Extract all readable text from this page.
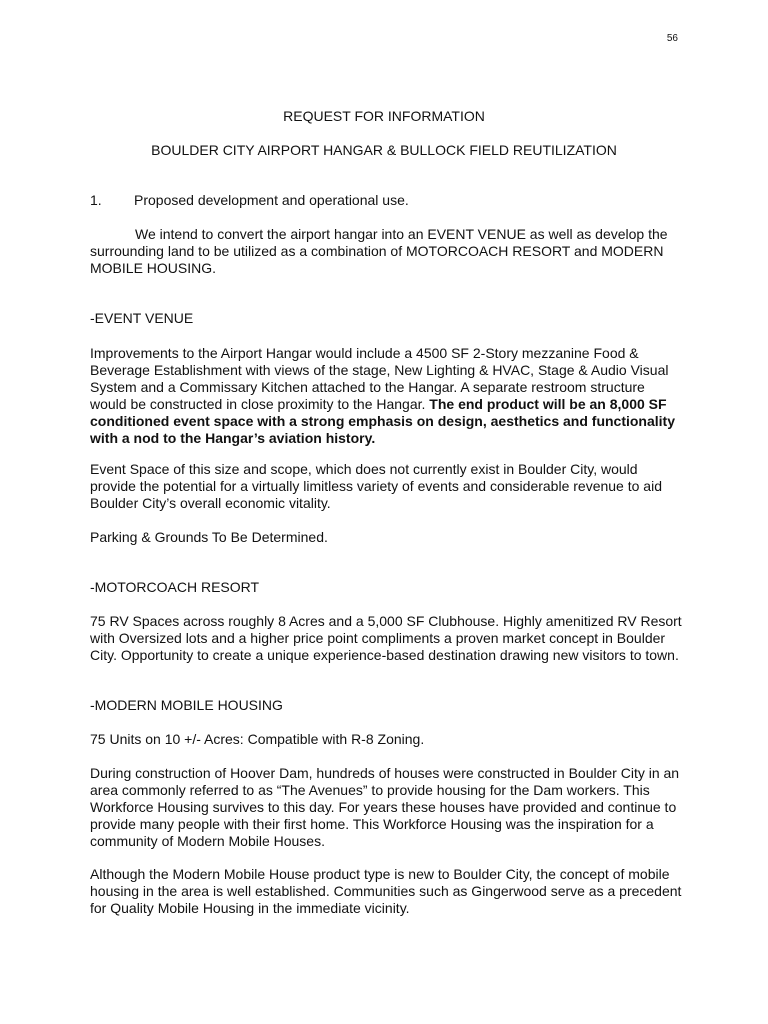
56
REQUEST FOR INFORMATION
BOULDER CITY AIRPORT HANGAR & BULLOCK FIELD REUTILIZATION
1. Proposed development and operational use.

We intend to convert the airport hangar into an EVENT VENUE as well as develop the surrounding land to be utilized as a combination of MOTORCOACH RESORT and MODERN MOBILE HOUSING.

-EVENT VENUE

Improvements to the Airport Hangar would include a 4500 SF 2-Story mezzanine Food & Beverage Establishment with views of the stage, New Lighting & HVAC, Stage & Audio Visual System and a Commissary Kitchen attached to the Hangar. A separate restroom structure would be constructed in close proximity to the Hangar. The end product will be an 8,000 SF conditioned event space with a strong emphasis on design, aesthetics and functionality with a nod to the Hangar’s aviation history.

Event Space of this size and scope, which does not currently exist in Boulder City, would provide the potential for a virtually limitless variety of events and considerable revenue to aid Boulder City’s overall economic vitality.

Parking & Grounds To Be Determined.

-MOTORCOACH RESORT

75 RV Spaces across roughly 8 Acres and a 5,000 SF Clubhouse. Highly amenitized RV Resort with Oversized lots and a higher price point compliments a proven market concept in Boulder City. Opportunity to create a unique experience-based destination drawing new visitors to town.

-MODERN MOBILE HOUSING

75 Units on 10 +/- Acres: Compatible with R-8 Zoning.

During construction of Hoover Dam, hundreds of houses were constructed in Boulder City in an area commonly referred to as “The Avenues” to provide housing for the Dam workers. This Workforce Housing survives to this day. For years these houses have provided and continue to provide many people with their first home. This Workforce Housing was the inspiration for a community of Modern Mobile Houses.

Although the Modern Mobile House product type is new to Boulder City, the concept of mobile housing in the area is well established. Communities such as Gingerwood serve as a precedent for Quality Mobile Housing in the immediate vicinity.
